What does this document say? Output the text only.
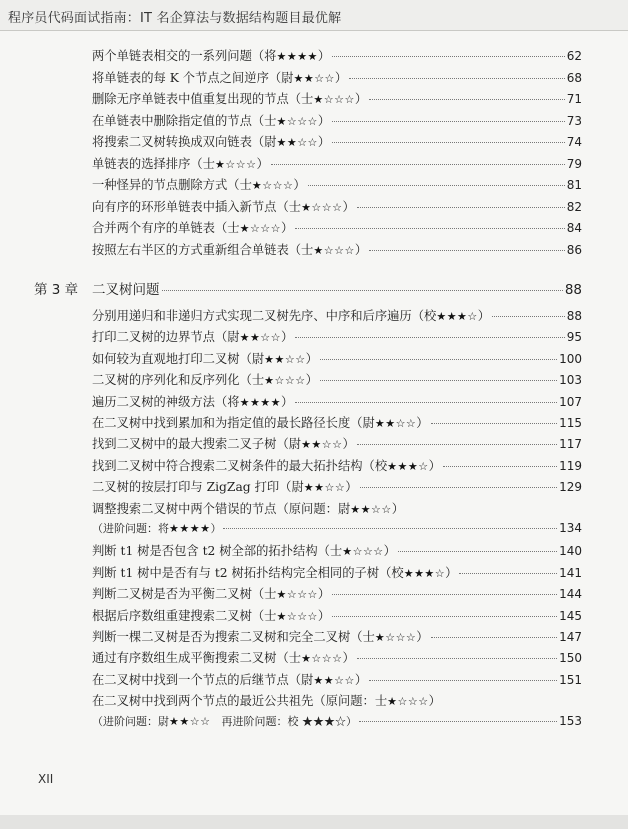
程序员代码面试指南：IT 名企算法与数据结构题目最优解
两个单链表相交的一系列问题（将 ★★★★ ）	62
将单链表的每 K 个节点之间逆序（尉 ★★☆☆ ）	68
删除无序单链表中值重复出现的节点（士 ★☆☆☆ ）	71
在单链表中删除指定值的节点（士 ★☆☆☆ ）	73
将搜索二叉树转换成双向链表（尉 ★★☆☆ ）	74
单链表的选择排序（士 ★☆☆☆ ）	79
一种怪异的节点删除方式（士 ★☆☆☆ ）	81
向有序的环形单链表中插入新节点（士 ★☆☆☆ ）	82
合并两个有序的单链表（士 ★☆☆☆ ）	84
按照左右半区的方式重新组合单链表（士 ★☆☆☆ ）	86
第 3 章	二叉树问题	88
分别用递归和非递归方式实现二叉树先序、中序和后序遍历（校 ★★★☆ ）	88
打印二叉树的边界节点（尉 ★★☆☆ ）	95
如何较为直观地打印二叉树（尉 ★★☆☆ ）	100
二叉树的序列化和反序列化（士 ★☆☆☆ ）	103
遍历二叉树的神级方法（将 ★★★★ ）	107
在二叉树中找到累加和为指定值的最长路径长度（尉 ★★☆☆ ）	115
找到二叉树中的最大搜索二叉子树（尉 ★★☆☆ ）	117
找到二叉树中符合搜索二叉树条件的最大拓扑结构（校 ★★★☆ ）	119
二叉树的按层打印与 ZigZag 打印（尉 ★★☆☆ ）	129
调整搜索二叉树中两个错误的节点（原问题：尉 ★★☆☆ ）
（进阶问题：将 ★★★★ ）	134
判断 t1 树是否包含 t2 树全部的拓扑结构（士 ★☆☆☆ ）	140
判断 t1 树中是否有与 t2 树拓扑结构完全相同的子树（校 ★★★☆ ）	141
判断二叉树是否为平衡二叉树（士 ★☆☆☆ ）	144
根据后序数组重建搜索二叉树（士 ★☆☆☆ ）	145
判断一棵二叉树是否为搜索二叉树和完全二叉树（士 ★☆☆☆ ）	147
通过有序数组生成平衡搜索二叉树（士 ★☆☆☆ ）	150
在二叉树中找到一个节点的后继节点（尉 ★★☆☆ ）	151
在二叉树中找到两个节点的最近公共祖先（原问题：士 ★☆☆☆ ）
（进阶问题：尉 ★★☆☆ 　再进阶问题：校 ★★★☆）	153
XII
